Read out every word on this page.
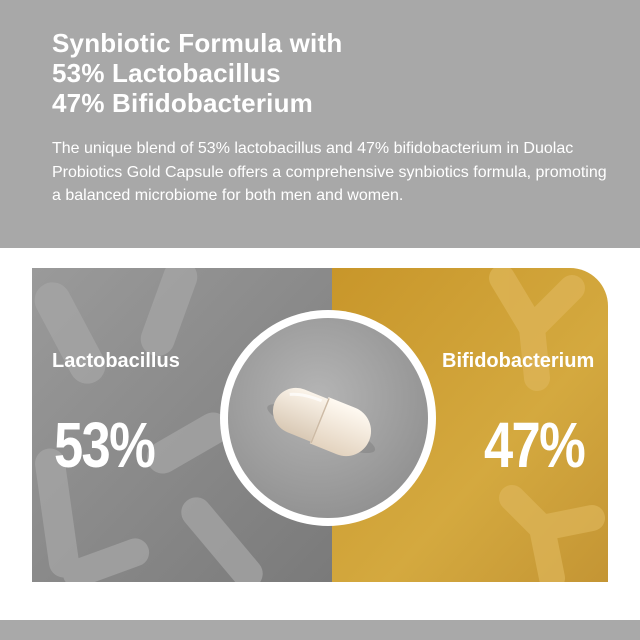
Synbiotic Formula with
53% Lactobacillus
47% Bifidobacterium
The unique blend of 53% lactobacillus and 47% bifidobacterium in Duolac Probiotics Gold Capsule offers a comprehensive synbiotics formula, promoting a balanced microbiome for both men and women.
Lactobacillus
53%
Bifidobacterium
47%
